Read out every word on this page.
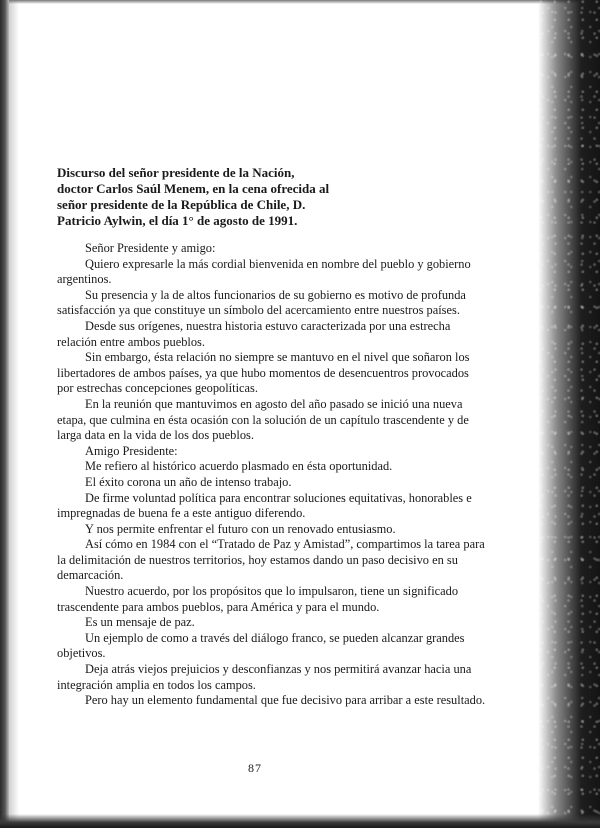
Discurso del señor presidente de la Nación,
doctor Carlos Saúl Menem, en la cena ofrecida al
señor presidente de la República de Chile, D.
Patricio Aylwin, el día 1° de agosto de 1991.

Señor Presidente y amigo:

Quiero expresarle la más cordial bienvenida en nombre del pueblo y gobierno argentinos.

Su presencia y la de altos funcionarios de su gobierno es motivo de profunda satisfacción ya que constituye un símbolo del acercamiento entre nuestros países.

Desde sus orígenes, nuestra historia estuvo caracterizada por una estrecha relación entre ambos pueblos.

Sin embargo, ésta relación no siempre se mantuvo en el nivel que soñaron los libertadores de ambos países, ya que hubo momentos de desencuentros provocados por estrechas concepciones geopolíticas.

En la reunión que mantuvimos en agosto del año pasado se inició una nueva etapa, que culmina en ésta ocasión con la solución de un capítulo trascendente y de larga data en la vida de los dos pueblos.

Amigo Presidente:

Me refiero al histórico acuerdo plasmado en ésta oportunidad.

El éxito corona un año de intenso trabajo.

De firme voluntad política para encontrar soluciones equitativas, honorables e impregnadas de buena fe a este antiguo diferendo.

Y nos permite enfrentar el futuro con un renovado entusiasmo.

Así cómo en 1984 con el “Tratado de Paz y Amistad”, compartimos la tarea para la delimitación de nuestros territorios, hoy estamos dando un paso decisivo en su demarcación.

Nuestro acuerdo, por los propósitos que lo impulsaron, tiene un significado trascendente para ambos pueblos, para América y para el mundo.

Es un mensaje de paz.

Un ejemplo de como a través del diálogo franco, se pueden alcanzar grandes objetivos.

Deja atrás viejos prejuicios y desconfianzas y nos permitirá avanzar hacia una integración amplia en todos los campos.

Pero hay un elemento fundamental que fue decisivo para arribar a este resultado.

87
